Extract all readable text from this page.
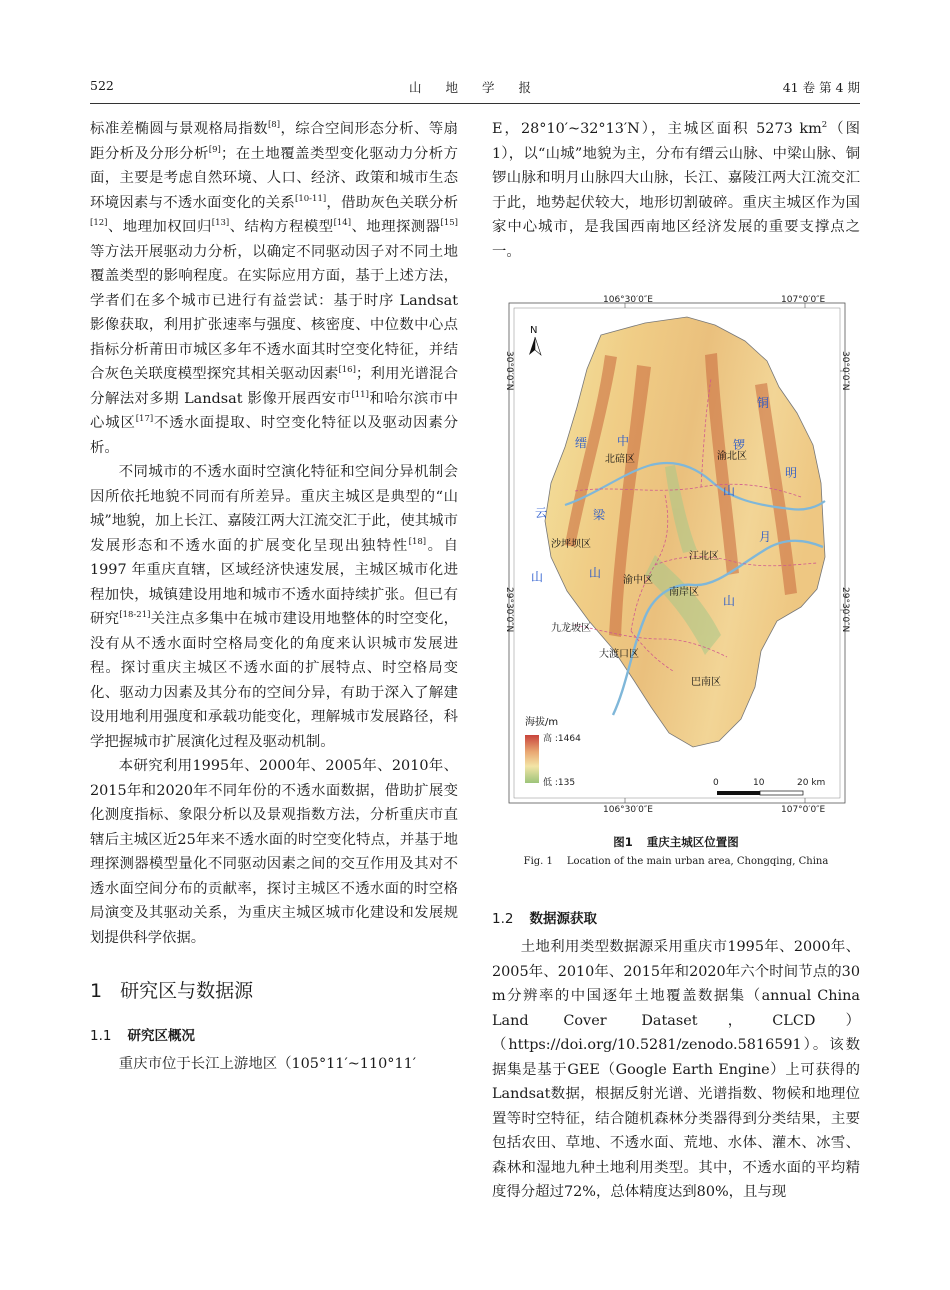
522	山 地 学 报	41 卷 第 4 期

标准差椭圆与景观格局指数[8]，综合空间形态分析、等扇距分析及分形分析[9]；在土地覆盖类型变化驱动力分析方面，主要是考虑自然环境、人口、经济、政策和城市生态环境因素与不透水面变化的关系[10-11]，借助灰色关联分析[12]、地理加权回归[13]、结构方程模型[14]、地理探测器[15]等方法开展驱动力分析，以确定不同驱动因子对不同土地覆盖类型的影响程度。在实际应用方面，基于上述方法，学者们在多个城市已进行有益尝试：基于时序 Landsat 影像获取，利用扩张速率与强度、核密度、中位数中心点指标分析莆田市城区多年不透水面其时空变化特征，并结合灰色关联度模型探究其相关驱动因素[16]；利用光谱混合分解法对多期 Landsat 影像开展西安市[11]和哈尔滨市中心城区[17]不透水面提取、时空变化特征以及驱动因素分析。

不同城市的不透水面时空演化特征和空间分异机制会因所依托地貌不同而有所差异。重庆主城区是典型的“山城”地貌，加上长江、嘉陵江两大江流交汇于此，使其城市发展形态和不透水面的扩展变化呈现出独特性[18]。自 1997 年重庆直辖，区域经济快速发展，主城区城市化进程加快，城镇建设用地和城市不透水面持续扩张。但已有研究[18-21]关注点多集中在城市建设用地整体的时空变化，没有从不透水面时空格局变化的角度来认识城市发展进程。探讨重庆主城区不透水面的扩展特点、时空格局变化、驱动力因素及其分布的空间分异，有助于深入了解建设用地利用强度和承载功能变化，理解城市发展路径，科学把握城市扩展演化过程及驱动机制。

本研究利用1995年、2000年、2005年、2010年、2015年和2020年不同年份的不透水面数据，借助扩展变化测度指标、象限分析以及景观指数方法，分析重庆市直辖后主城区近25年来不透水面的时空变化特点，并基于地理探测器模型量化不同驱动因素之间的交互作用及其对不透水面空间分布的贡献率，探讨主城区不透水面的时空格局演变及其驱动关系，为重庆主城区城市化建设和发展规划提供科学依据。

1 研究区与数据源
1.1 研究区概况

重庆市位于长江上游地区（105°11′~110°11′

E，28°10′~32°13′N），主城区面积 5273 $km^2$（图 1），以“山城”地貌为主，分布有缙云山脉、中梁山脉、铜锣山脉和明月山脉四大山脉，长江、嘉陵江两大江流交汇于此，地势起伏较大，地形切割破碎。重庆主城区作为国家中心城市，是我国西南地区经济发展的重要支撑点之一。

1.2 数据源获取

土地利用类型数据源采用重庆市1995年、2000年、2005年、2010年、2015年和2020年六个时间节点的30 m分辨率的中国逐年土地覆盖数据集（annual China Land Cover Dataset，CLCD）（https://doi.org/10.5281/zenodo.5816591）。该数据集是基于GEE（Google Earth Engine）上可获得的Landsat数据，根据反射光谱、光谱指数、物候和地理位置等时空特征，结合随机森林分类器得到分类结果，主要包括农田、草地、不透水面、荒地、水体、灌木、冰雪、森林和湿地九种土地利用类型。其中，不透水面的平均精度得分超过72%，总体精度达到80%，且与现

106°30′0″E	107°0′0″E
106°30′0″E	107°0′0″E
30°0′0″N
29°30′0″N
30°0′0″N
29°30′0″N
北碚区	渝北区
沙坪坝区
江北区
渝中区
南岸区
九龙坡区
大渡口区
巴南区
缙 中
云	梁
山	山
铜
锣
明
山
月
山
N
海拔/m
高 :1464
低 :135	0	10	20 km
图1 重庆主城区位置图
Fig. 1 Location of the main urban area, Chongqing, China
